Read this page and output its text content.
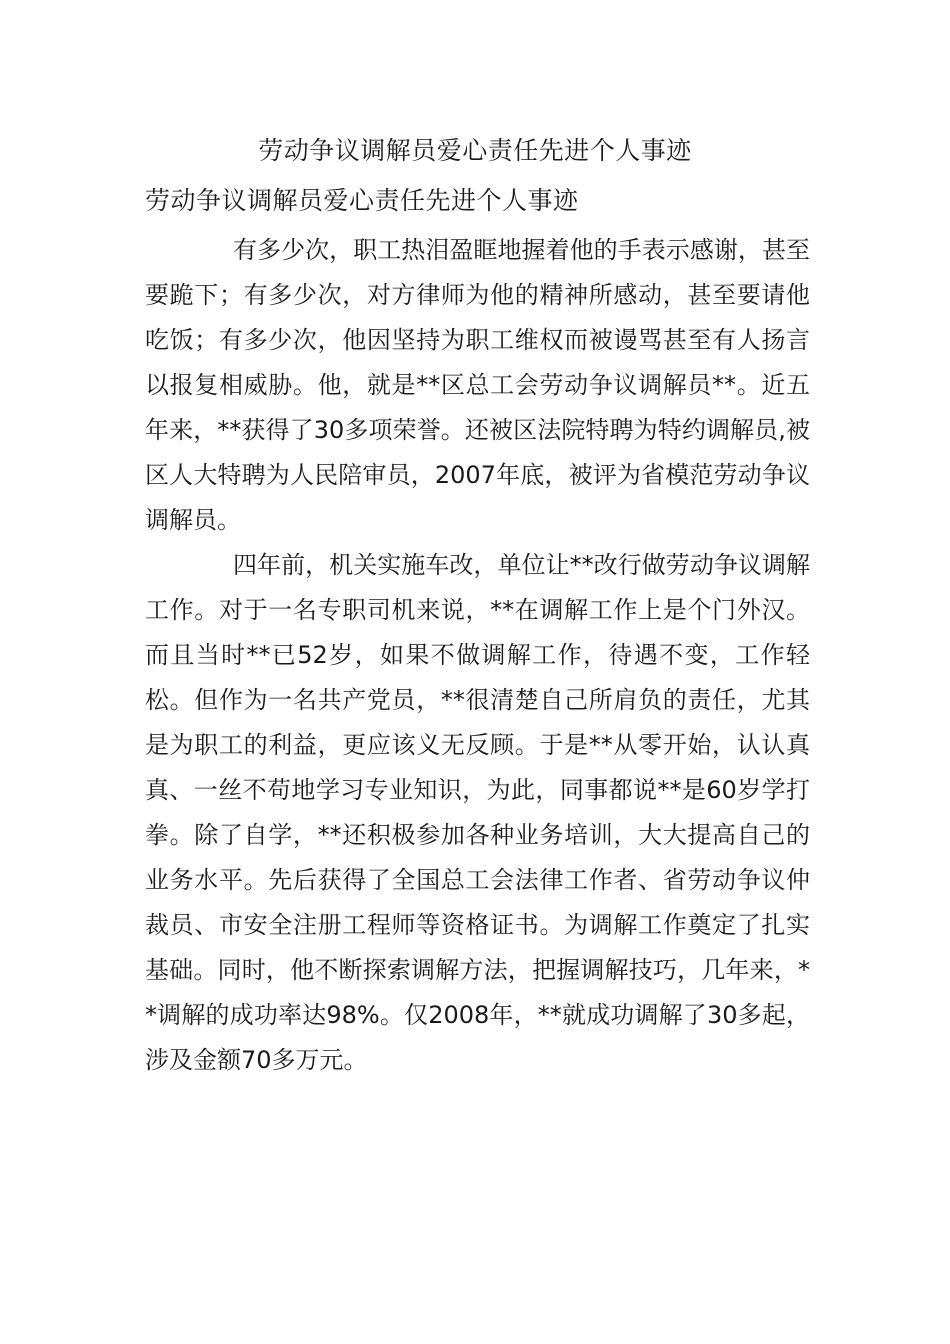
劳动争议调解员爱心责任先进个人事迹
劳动争议调解员爱心责任先进个人事迹

有多少次，职工热泪盈眶地握着他的手表示感谢，甚至要跪下；有多少次，对方律师为他的精神所感动，甚至要请他吃饭；有多少次，他因坚持为职工维权而被谩骂甚至有人扬言以报复相威胁。他，就是**区总工会劳动争议调解员**。近五年来，**获得了30多项荣誉。还被区法院特聘为特约调解员,被区人大特聘为人民陪审员，2007年底，被评为省模范劳动争议调解员。

四年前，机关实施车改，单位让**改行做劳动争议调解工作。对于一名专职司机来说，**在调解工作上是个门外汉。而且当时**已52岁，如果不做调解工作，待遇不变，工作轻松。但作为一名共产党员，**很清楚自己所肩负的责任，尤其是为职工的利益，更应该义无反顾。于是**从零开始，认认真真、一丝不苟地学习专业知识，为此，同事都说**是60岁学打拳。除了自学，**还积极参加各种业务培训，大大提高自己的业务水平。先后获得了全国总工会法律工作者、省劳动争议仲裁员、市安全注册工程师等资格证书。为调解工作奠定了扎实基础。同时，他不断探索调解方法，把握调解技巧，几年来，**调解的成功率达98%。仅2008年，**就成功调解了30多起，涉及金额70多万元。
